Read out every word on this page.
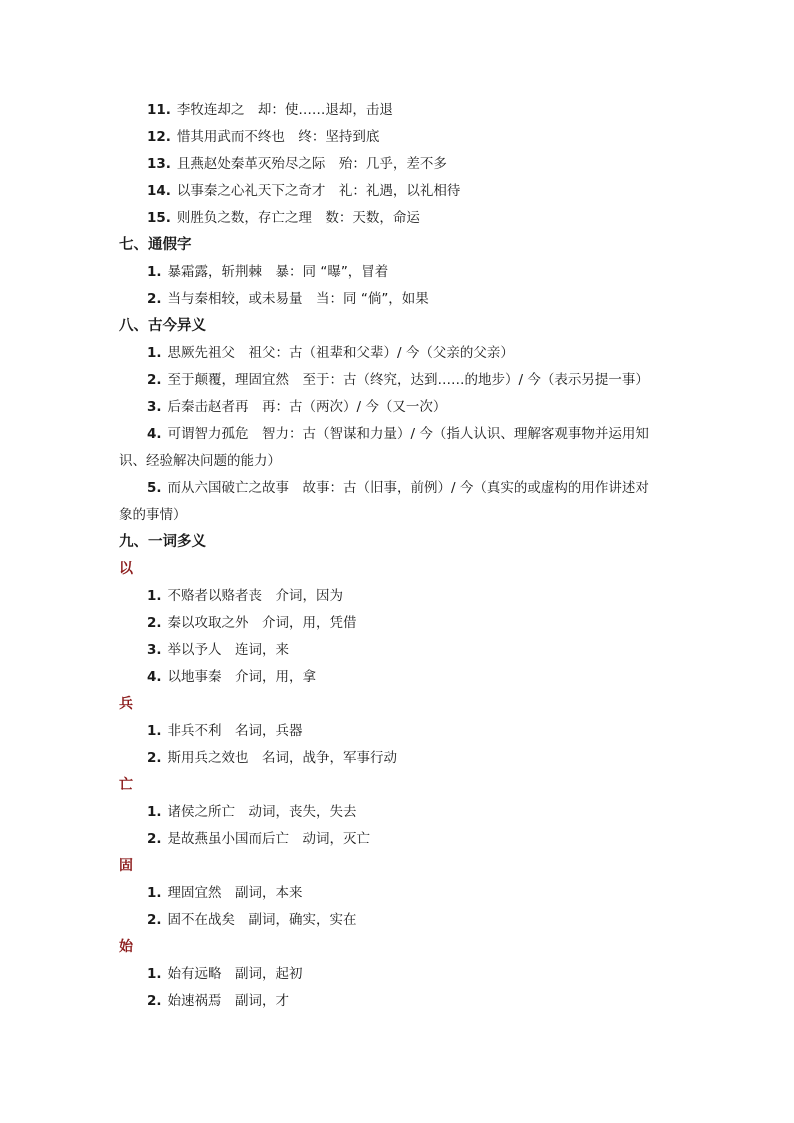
11. 李牧连却之　却：使……退却，击退
12. 惜其用武而不终也　终：坚持到底
13. 且燕赵处秦革灭殆尽之际　殆：几乎，差不多
14. 以事秦之心礼天下之奇才　礼：礼遇，以礼相待
15. 则胜负之数，存亡之理　数：天数，命运
七、通假字
1. 暴霜露，斩荆棘　暴：同 “曝”，冒着
2. 当与秦相较，或未易量　当：同 “倘”，如果
八、古今异义
1. 思厥先祖父　祖父：古（祖辈和父辈）/ 今（父亲的父亲）
2. 至于颠覆，理固宜然　至于：古（终究，达到……的地步）/ 今（表示另提一事）
3. 后秦击赵者再　再：古（两次）/ 今（又一次）
4. 可谓智力孤危　智力：古（智谋和力量）/ 今（指人认识、理解客观事物并运用知
识、经验解决问题的能力）
5. 而从六国破亡之故事　故事：古（旧事，前例）/ 今（真实的或虚构的用作讲述对
象的事情）
九、一词多义
以
1. 不赂者以赂者丧　介词，因为
2. 秦以攻取之外　介词，用，凭借
3. 举以予人　连词，来
4. 以地事秦　介词，用，拿
兵
1. 非兵不利　名词，兵器
2. 斯用兵之效也　名词，战争，军事行动
亡
1. 诸侯之所亡　动词，丧失，失去
2. 是故燕虽小国而后亡　动词，灭亡
固
1. 理固宜然　副词，本来
2. 固不在战矣　副词，确实，实在
始
1. 始有远略　副词，起初
2. 始速祸焉　副词，才
